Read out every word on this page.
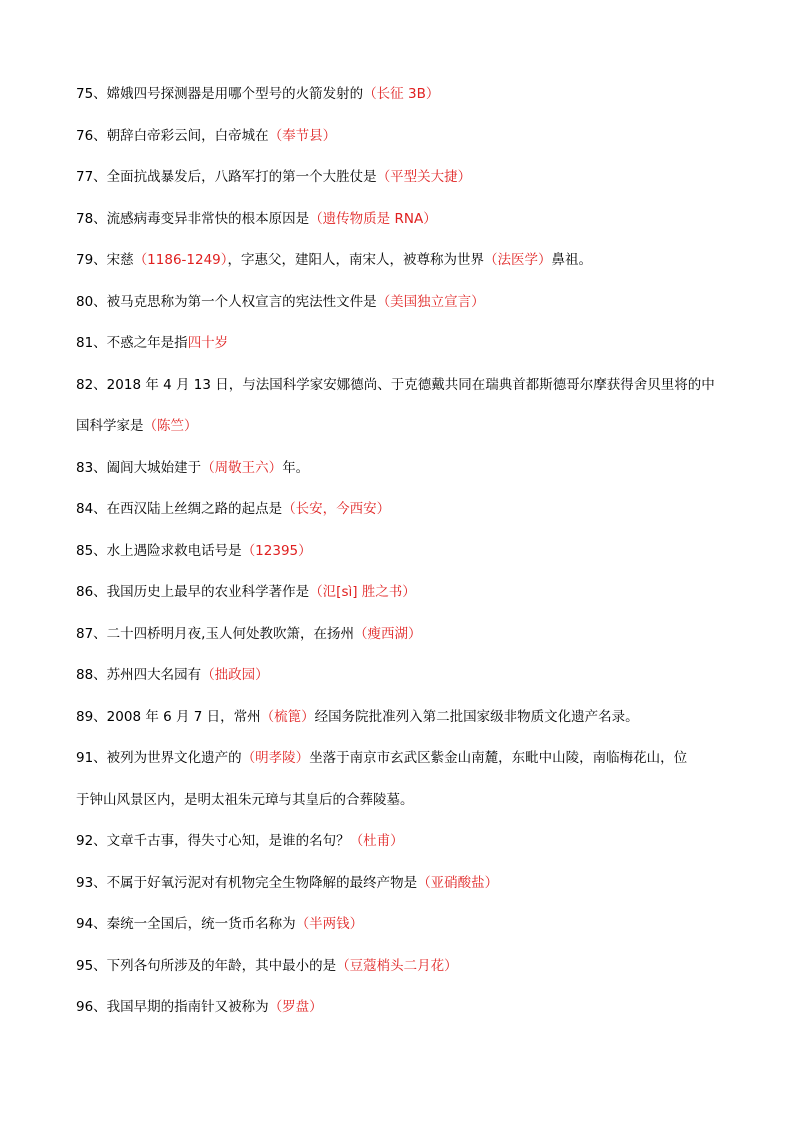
75、嫦娥四号探测器是用哪个型号的火箭发射的（长征 3B）
76、朝辞白帝彩云间，白帝城在（奉节县）
77、全面抗战暴发后，八路军打的第一个大胜仗是（平型关大捷）
78、流感病毒变异非常快的根本原因是（遗传物质是 RNA）
79、宋慈（1186-1249），字惠父，建阳人，南宋人，被尊称为世界（法医学）鼻祖。
80、被马克思称为第一个人权宣言的宪法性文件是（美国独立宣言）
81、不惑之年是指四十岁
82、2018 年 4 月 13 日，与法国科学家安娜德尚、于克德戴共同在瑞典首都斯德哥尔摩获得舍贝里将的中
国科学家是（陈竺）
83、阖闾大城始建于（周敬王六）年。
84、在西汉陆上丝绸之路的起点是（长安，今西安）
85、水上遇险求救电话号是（12395）
86、我国历史上最早的农业科学著作是（氾[sì] 胜之书）
87、二十四桥明月夜,玉人何处教吹箫，在扬州（瘦西湖）
88、苏州四大名园有（拙政园）
89、2008 年 6 月 7 日，常州（梳篦）经国务院批准列入第二批国家级非物质文化遗产名录。
91、被列为世界文化遗产的（明孝陵）坐落于南京市玄武区紫金山南麓，东毗中山陵，南临梅花山，位
于钟山风景区内，是明太祖朱元璋与其皇后的合葬陵墓。
92、文章千古事，得失寸心知，是谁的名句？（杜甫）
93、不属于好氧污泥对有机物完全生物降解的最终产物是（亚硝酸盐）
94、秦统一全国后，统一货币名称为（半两钱）
95、下列各句所涉及的年龄，其中最小的是（豆蔻梢头二月花）
96、我国早期的指南针又被称为（罗盘）
